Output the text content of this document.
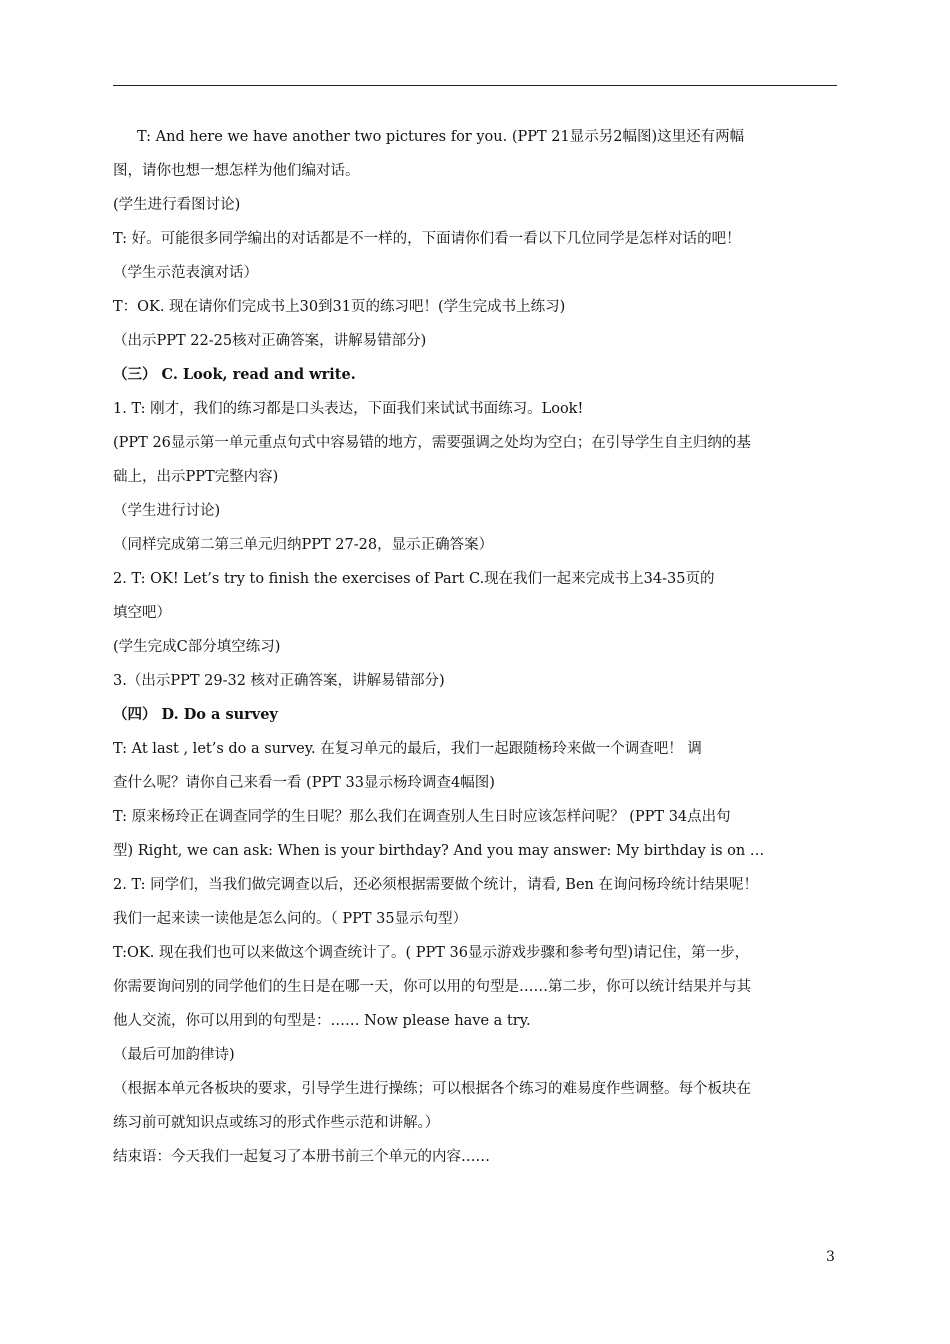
T: And here we have another two pictures for you. (PPT 21显示另2幅图)这里还有两幅
图，请你也想一想怎样为他们编对话。
(学生进行看图讨论)
T: 好。可能很多同学编出的对话都是不一样的，下面请你们看一看以下几位同学是怎样对话的吧！
（学生示范表演对话）
T：OK. 现在请你们完成书上30到31页的练习吧！(学生完成书上练习)
（出示PPT 22-25核对正确答案，讲解易错部分)
（三） C. Look, read and write.
1. T: 刚才，我们的练习都是口头表达，下面我们来试试书面练习。Look!
(PPT 26显示第一单元重点句式中容易错的地方，需要强调之处均为空白；在引导学生自主归纳的基
础上，出示PPT完整内容)
（学生进行讨论)
（同样完成第二第三单元归纳PPT 27-28，显示正确答案）
2. T: OK! Let’s try to finish the exercises of Part C.现在我们一起来完成书上34-35页的
填空吧）
(学生完成C部分填空练习)
3.（出示PPT 29-32 核对正确答案，讲解易错部分)
（四） D. Do a survey
T: At last , let’s do a survey. 在复习单元的最后，我们一起跟随杨玲来做一个调查吧！ 调
查什么呢？请你自己来看一看 (PPT 33显示杨玲调查4幅图)
T: 原来杨玲正在调查同学的生日呢？那么我们在调查别人生日时应该怎样问呢？ (PPT 34点出句
型) Right, we can ask: When is your birthday? And you may answer: My birthday is on …
2. T: 同学们，当我们做完调查以后，还必须根据需要做个统计，请看, Ben 在询问杨玲统计结果呢！
我们一起来读一读他是怎么问的。（ PPT 35显示句型）
T:OK. 现在我们也可以来做这个调查统计了。( PPT 36显示游戏步骤和参考句型)请记住，第一步，
你需要询问别的同学他们的生日是在哪一天，你可以用的句型是……第二步，你可以统计结果并与其
他人交流，你可以用到的句型是：…… Now please have a try.
（最后可加韵律诗)
（根据本单元各板块的要求，引导学生进行操练；可以根据各个练习的难易度作些调整。每个板块在
练习前可就知识点或练习的形式作些示范和讲解。）
结束语：今天我们一起复习了本册书前三个单元的内容……
3
